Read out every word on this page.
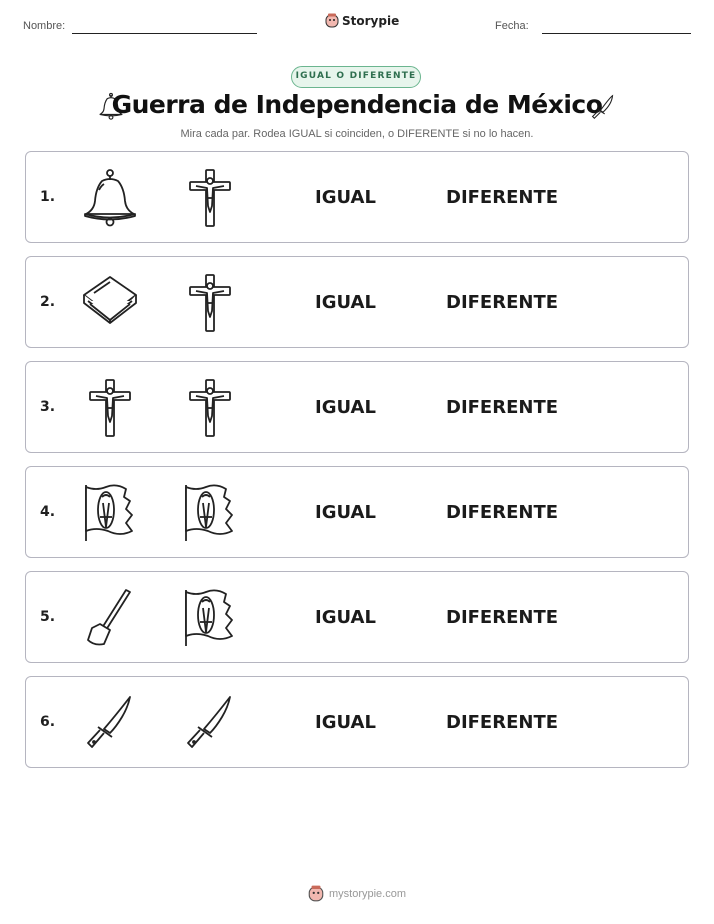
Nombre:	Storypie	Fecha:
IGUAL O DIFERENTE
Guerra de Independencia de México
Mira cada par. Rodea IGUAL si coinciden, o DIFERENTE si no lo hacen.
1.	IGUAL	DIFERENTE
2.	IGUAL	DIFERENTE
3.	IGUAL	DIFERENTE
4.	IGUAL	DIFERENTE
5.	IGUAL	DIFERENTE
6.	IGUAL	DIFERENTE
mystorypie.com
